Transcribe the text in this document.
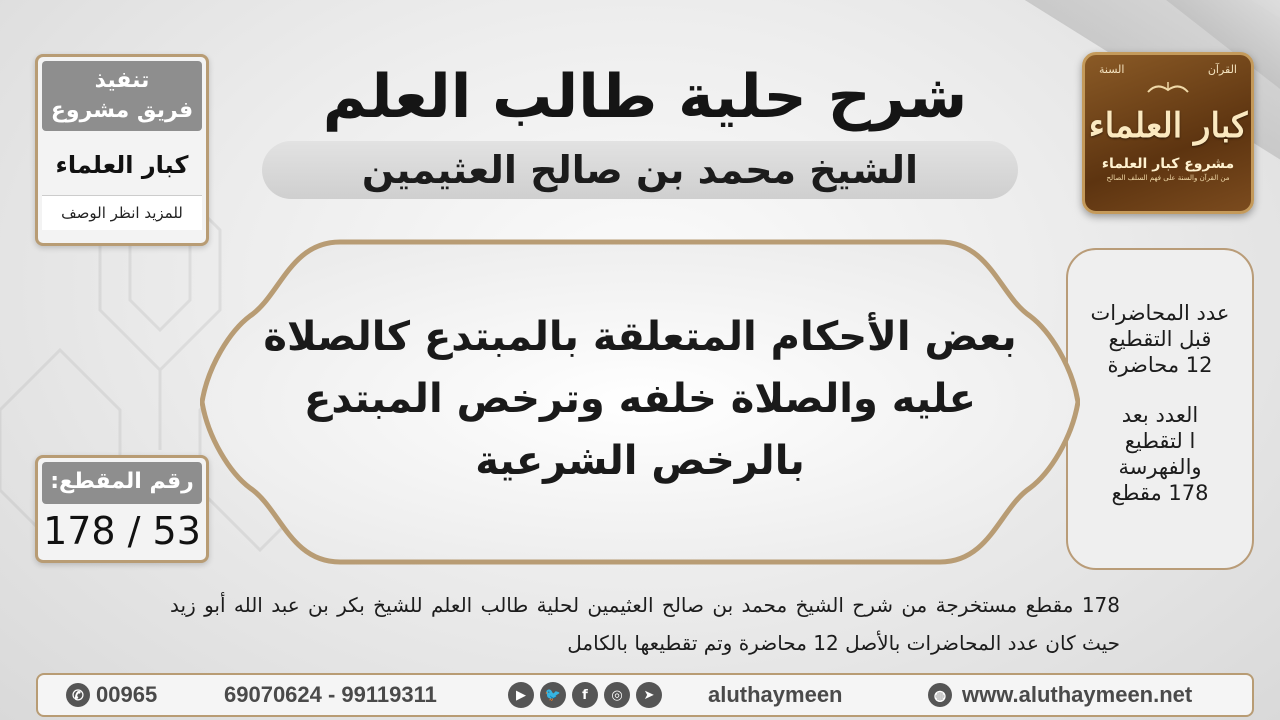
شرح حلية طالب العلم
الشيخ محمد بن صالح العثيمين
تنفيذ
فريق مشروع
كبار العلماء
للمزيد انظر الوصف
رقم المقطع:
178 / 53
القرآن
السنة
كبار العلماء
مشروع كبار العلماء
من القرآن والسنة على فهم السلف الصالح
عدد المحاضرات
قبل التقطيع
12 محاضرة
العدد بعد
ا لتقطيع
والفهرسة
178 مقطع
بعض الأحكام المتعلقة بالمبتدع كالصلاة
عليه والصلاة خلفه وترخص المبتدع
بالرخص الشرعية
178 مقطع مستخرجة من شرح الشيخ محمد بن صالح العثيمين لحلية طالب العلم للشيخ بكر بن عبد الله أبو زيد حيث كان عدد المحاضرات بالأصل 12 محاضرة وتم تقطيعها بالكامل
✆ 00965	69070624 - 99119311	▶	🐦	f	◎	➤	aluthaymeen	◍ www.aluthaymeen.net
